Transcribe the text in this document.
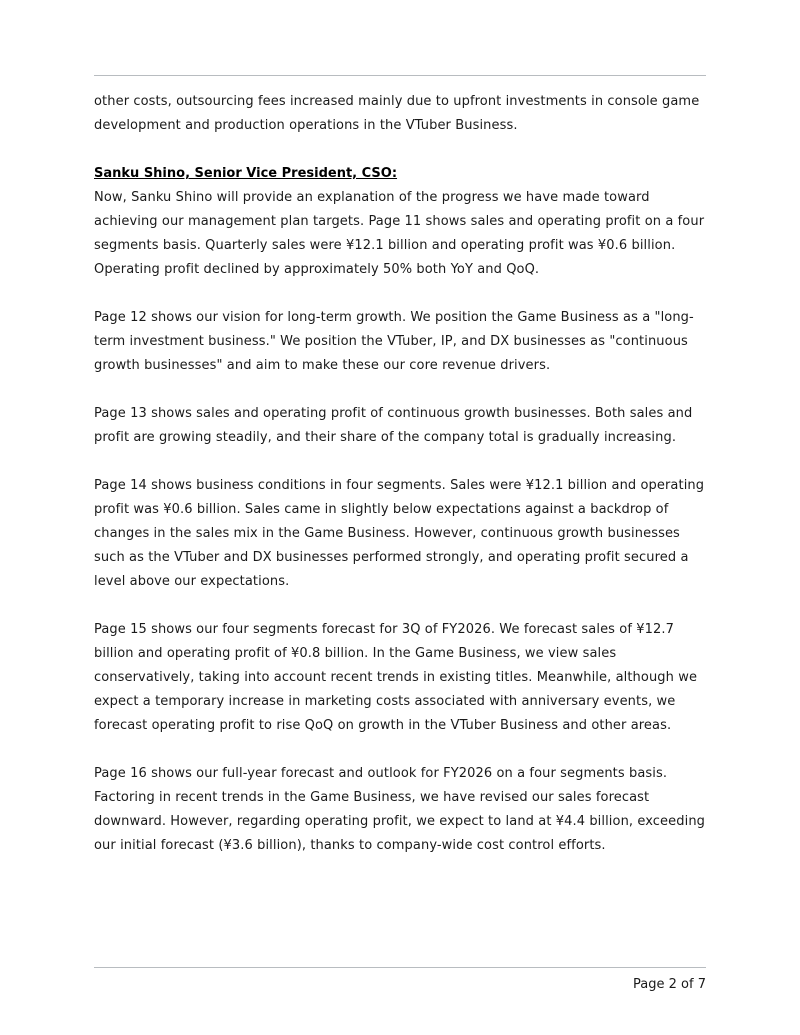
other costs, outsourcing fees increased mainly due to upfront investments in console game development and production operations in the VTuber Business.

Sanku Shino, Senior Vice President, CSO:

Now, Sanku Shino will provide an explanation of the progress we have made toward achieving our management plan targets. Page 11 shows sales and operating profit on a four segments basis. Quarterly sales were ¥12.1 billion and operating profit was ¥0.6 billion. Operating profit declined by approximately 50% both YoY and QoQ.

Page 12 shows our vision for long-term growth. We position the Game Business as a "long-term investment business." We position the VTuber, IP, and DX businesses as "continuous growth businesses" and aim to make these our core revenue drivers.

Page 13 shows sales and operating profit of continuous growth businesses. Both sales and profit are growing steadily, and their share of the company total is gradually increasing.

Page 14 shows business conditions in four segments. Sales were ¥12.1 billion and operating profit was ¥0.6 billion. Sales came in slightly below expectations against a backdrop of changes in the sales mix in the Game Business. However, continuous growth businesses such as the VTuber and DX businesses performed strongly, and operating profit secured a level above our expectations.

Page 15 shows our four segments forecast for 3Q of FY2026. We forecast sales of ¥12.7 billion and operating profit of ¥0.8 billion. In the Game Business, we view sales conservatively, taking into account recent trends in existing titles. Meanwhile, although we expect a temporary increase in marketing costs associated with anniversary events, we forecast operating profit to rise QoQ on growth in the VTuber Business and other areas.

Page 16 shows our full-year forecast and outlook for FY2026 on a four segments basis. Factoring in recent trends in the Game Business, we have revised our sales forecast downward. However, regarding operating profit, we expect to land at ¥4.4 billion, exceeding our initial forecast (¥3.6 billion), thanks to company-wide cost control efforts.

Page 2 of 7
